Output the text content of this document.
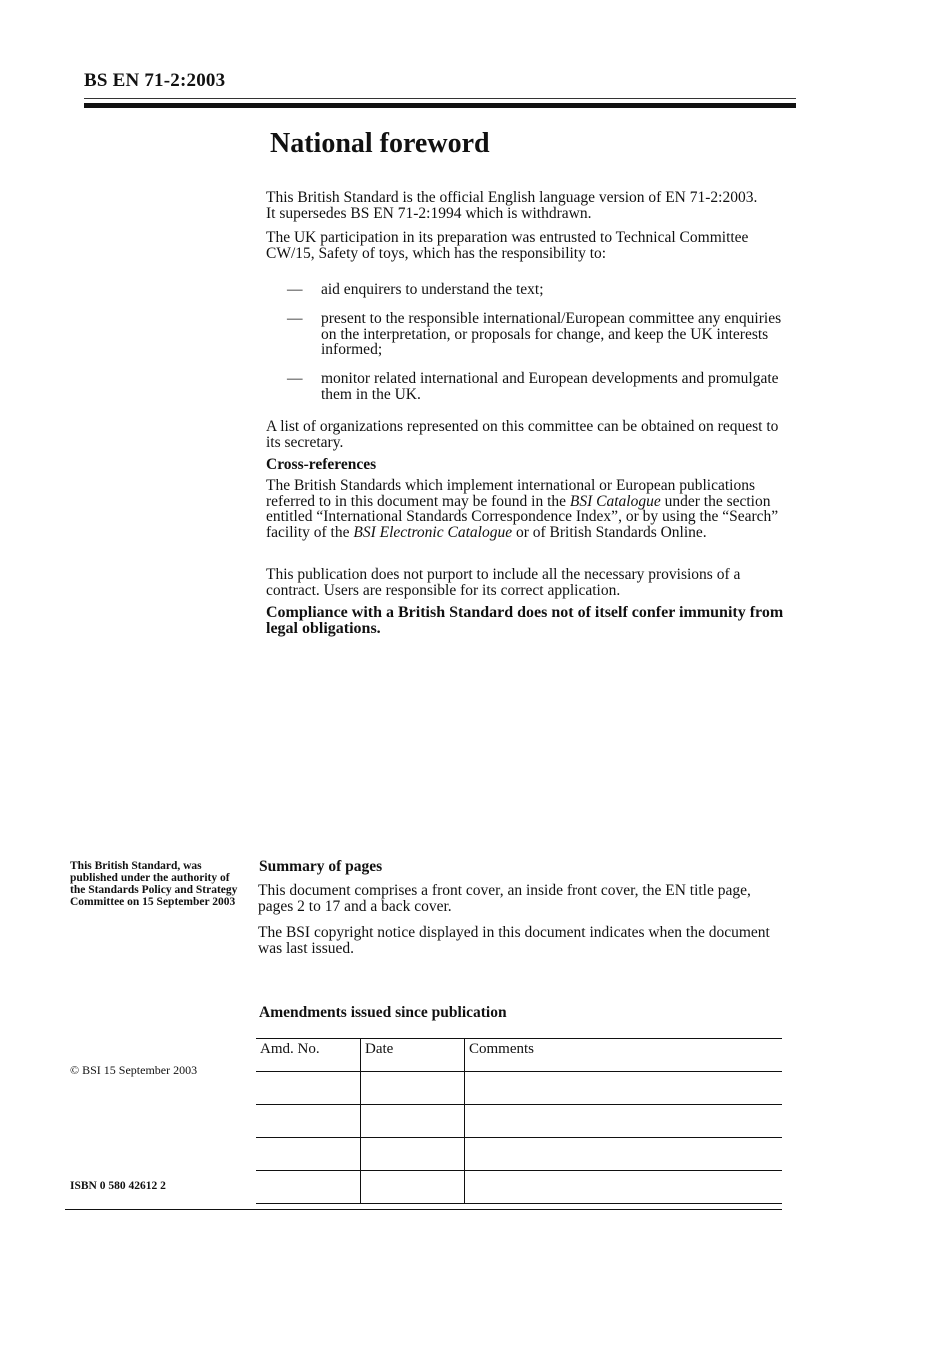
BS EN 71-2:2003
National foreword
This British Standard is the official English language version of EN 71-2:2003.
It supersedes BS EN 71-2:1994 which is withdrawn.
The UK participation in its preparation was entrusted to Technical Committee CW/15, Safety of toys, which has the responsibility to:
— aid enquirers to understand the text;
— present to the responsible international/European committee any enquiries on the interpretation, or proposals for change, and keep the UK interests informed;
— monitor related international and European developments and promulgate them in the UK.
A list of organizations represented on this committee can be obtained on request to its secretary.
Cross-references
The British Standards which implement international or European publications referred to in this document may be found in the BSI Catalogue under the section entitled “International Standards Correspondence Index”, or by using the “Search” facility of the BSI Electronic Catalogue or of British Standards Online.
This publication does not purport to include all the necessary provisions of a contract. Users are responsible for its correct application.
Compliance with a British Standard does not of itself confer immunity from legal obligations.
This British Standard, was published under the authority of the Standards Policy and Strategy Committee on 15 September 2003
© BSI 15 September 2003
ISBN 0 580 42612 2
Summary of pages
This document comprises a front cover, an inside front cover, the EN title page, pages 2 to 17 and a back cover.
The BSI copyright notice displayed in this document indicates when the document was last issued.
Amendments issued since publication
Amd. No.	Date	Comments
